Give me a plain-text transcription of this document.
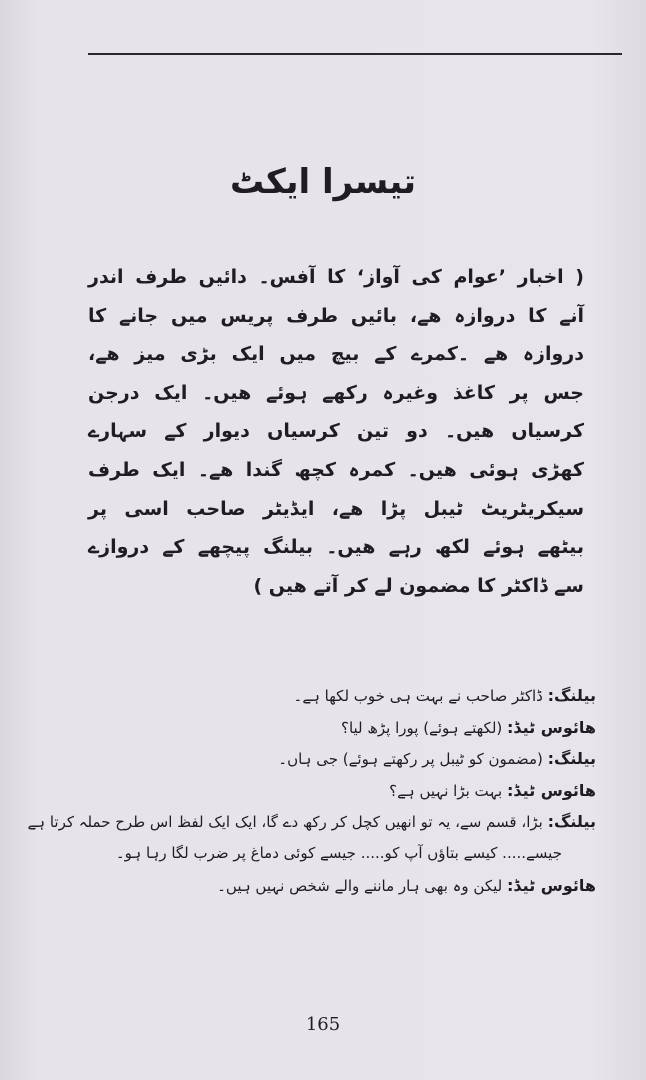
تیسرا ایکٹ
( اخبار ’عوام کی آواز‘ کا آفس۔ دائیں طرف اندر
آنے کا دروازہ ھے، بائیں طرف پریس میں جانے کا
دروازہ ھے ۔کمرے کے بیچ میں ایک بڑی میز ھے،
جس پر کاغذ وغیرہ رکھے ہوئے ھیں۔ ایک درجن
کرسیاں ھیں۔ دو تین کرسیاں دیوار کے سہارے
کھڑی ہوئی ھیں۔ کمرہ کچھ گندا ھے۔ ایک طرف
سیکریٹریٹ ٹیبل پڑا ھے، ایڈیٹر صاحب اسی پر
بیٹھے ہوئے لکھ رہے ھیں۔ بیلنگ پیچھے کے دروازے
سے ڈاکٹر کا مضمون لے کر آتے ھیں )
بیلنگ: ڈاکٹر صاحب نے بہت ہی خوب لکھا ہے۔
ھائوس ٹیڈ: (لکھتے ہوئے) پورا پڑھ لیا؟
بیلنگ: (مضمون کو ٹیبل پر رکھتے ہوئے) جی ہاں۔
ھائوس ٹیڈ: بہت بڑا نہیں ہے؟
بیلنگ: بڑا، قسم سے، یہ تو انھیں کچل کر رکھ دے گا، ایک ایک لفظ اس طرح حملہ کرتا ہے
جیسے..... کیسے بتاؤں آپ کو..... جیسے کوئی دماغ پر ضرب لگا رہا ہو۔
ھائوس ٹیڈ: لیکن وہ بھی ہار ماننے والے شخص نہیں ہیں۔
165
